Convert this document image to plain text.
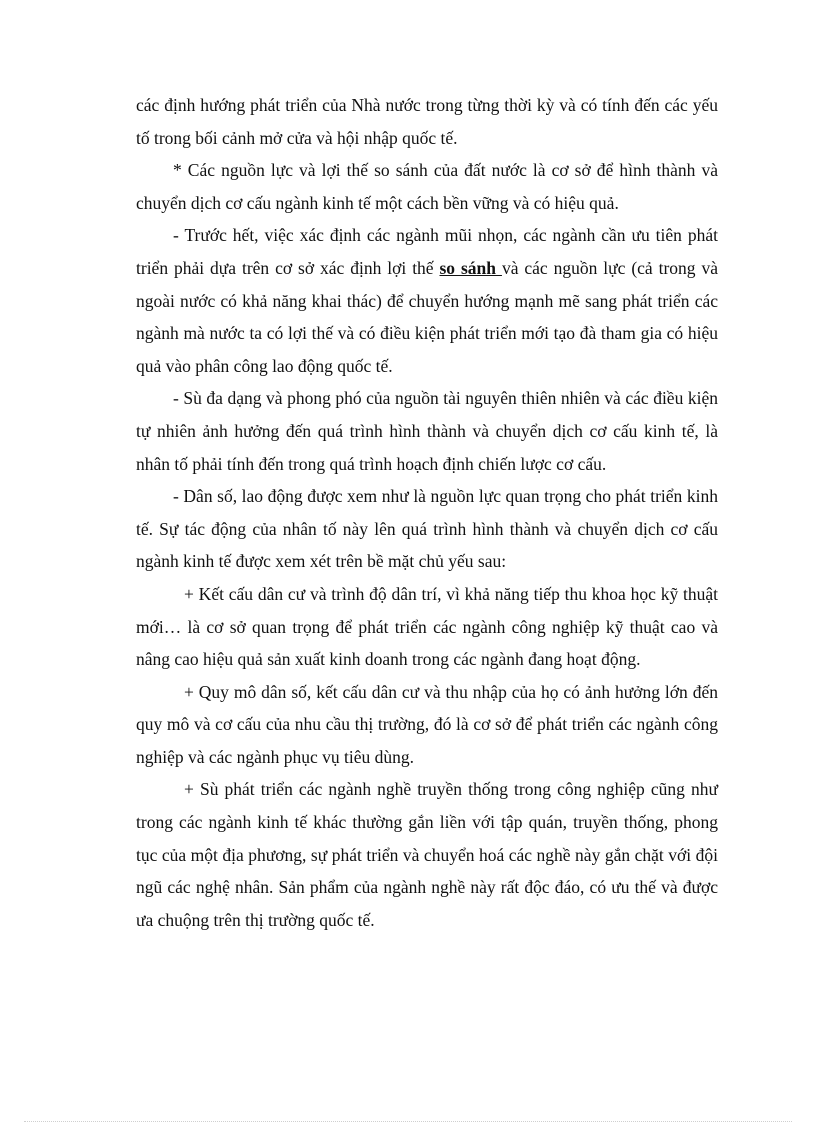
các định hướng phát triển của Nhà nước trong từng thời kỳ và có tính đến các yếu tố trong bối cảnh mở cửa và hội nhập quốc tế.

* Các nguồn lực và lợi thế so sánh của đất nước là cơ sở để hình thành và chuyển dịch cơ cấu ngành kinh tế một cách bền vững và có hiệu quả.

- Trước hết, việc xác định các ngành mũi nhọn, các ngành cần ưu tiên phát triển phải dựa trên cơ sở xác định lợi thế so sánh và các nguồn lực (cả trong và ngoài nước có khả năng khai thác) để chuyển hướng mạnh mẽ sang phát triển các ngành mà nước ta có lợi thế và có điều kiện phát triển mới tạo đà tham gia có hiệu quả vào phân công lao động quốc tế.

- Sù đa dạng và phong phó của nguồn tài nguyên thiên nhiên và các điều kiện tự nhiên ảnh hưởng đến quá trình hình thành và chuyển dịch cơ cấu kinh tế, là nhân tố phải tính đến trong quá trình hoạch định chiến lược cơ cấu.

- Dân số, lao động được xem như là nguồn lực quan trọng cho phát triển kinh tế. Sự tác động của nhân tố này lên quá trình hình thành và chuyển dịch cơ cấu ngành kinh tế được xem xét trên bề mặt chủ yếu sau:

+ Kết cấu dân cư và trình độ dân trí, vì khả năng tiếp thu khoa học kỹ thuật mới… là cơ sở quan trọng để phát triển các ngành công nghiệp kỹ thuật cao và nâng cao hiệu quả sản xuất kinh doanh trong các ngành đang hoạt động.

+ Quy mô dân số, kết cấu dân cư và thu nhập của họ có ảnh hưởng lớn đến quy mô và cơ cấu của nhu cầu thị trường, đó là cơ sở để phát triển các ngành công nghiệp và các ngành phục vụ tiêu dùng.

+ Sù phát triển các ngành nghề truyền thống trong công nghiệp cũng như trong các ngành kinh tế khác thường gắn liền với tập quán, truyền thống, phong tục của một địa phương, sự phát triển và chuyển hoá các nghề này gắn chặt với đội ngũ các nghệ nhân. Sản phẩm của ngành nghề này rất độc đáo, có ưu thế và được ưa chuộng trên thị trường quốc tế.
